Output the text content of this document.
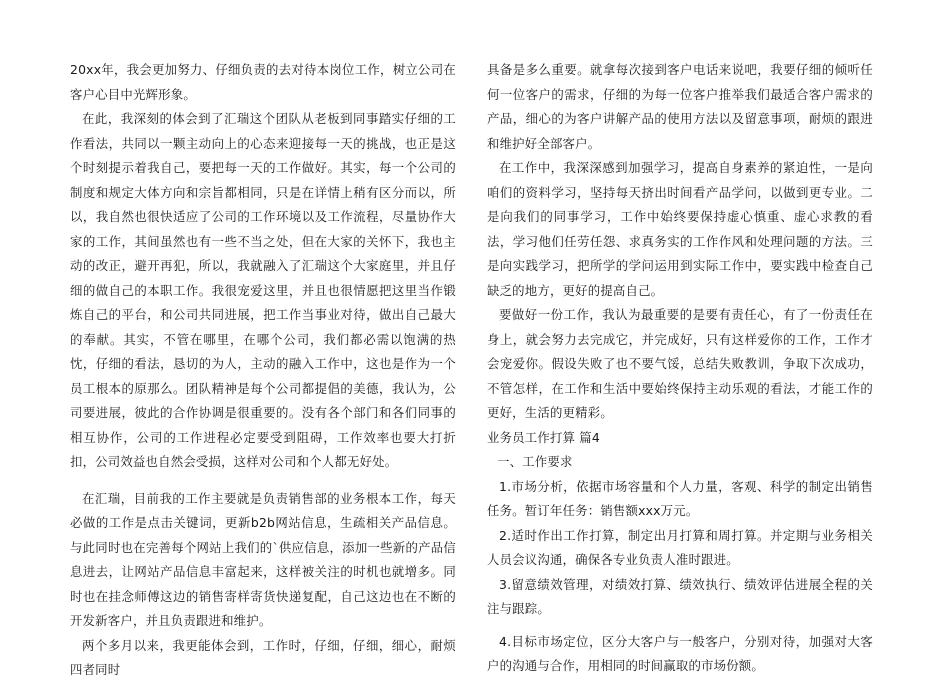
20xx年，我会更加努力、仔细负责的去对待本岗位工作，树立公司在客户心目中光辉形象。

在此，我深刻的体会到了汇瑞这个团队从老板到同事踏实仔细的工作看法，共同以一颗主动向上的心态来迎接每一天的挑战，也正是这个时刻提示着我自己，要把每一天的工作做好。其实，每一个公司的制度和规定大体方向和宗旨都相同，只是在详情上稍有区分而以，所以，我自然也很快适应了公司的工作环境以及工作流程，尽量协作大家的工作，其间虽然也有一些不当之处，但在大家的关怀下，我也主动的改正，避开再犯，所以，我就融入了汇瑞这个大家庭里，并且仔细的做自己的本职工作。我很宠爱这里，并且也很情愿把这里当作锻炼自己的平台，和公司共同进展，把工作当事业对待，做出自己最大的奉献。其实，不管在哪里，在哪个公司，我们都必需以饱满的热忱，仔细的看法，恳切的为人，主动的融入工作中，这也是作为一个员工根本的原那么。团队精神是每个公司都提倡的美德，我认为，公司要进展，彼此的合作协调是很重要的。没有各个部门和各们同事的相互协作，公司的工作进程必定要受到阻碍，工作效率也要大打折扣，公司效益也自然会受损，这样对公司和个人都无好处。

在汇瑞，目前我的工作主要就是负责销售部的业务根本工作，每天必做的工作是点击关键词，更新b2b网站信息，生疏相关产品信息。与此同时也在完善每个网站上我们的`供应信息，添加一些新的产品信息进去，让网站产品信息丰富起来，这样被关注的时机也就增多。同时也在挂念师傅这边的销售寄样寄货快递复配，自己这边也在不断的开发新客户，并且负责跟进和维护。

两个多月以来，我更能体会到，工作时，仔细，仔细，细心，耐烦四者同时

具备是多么重要。就拿每次接到客户电话来说吧，我要仔细的倾听任何一位客户的需求，仔细的为每一位客户推举我们最适合客户需求的产品，细心的为客户讲解产品的使用方法以及留意事项，耐烦的跟进和维护好全部客户。

在工作中，我深深感到加强学习，提高自身素养的紧迫性，一是向咱们的资料学习，坚持每天挤出时间看产品学问，以做到更专业。二是向我们的同事学习，工作中始终要保持虚心慎重、虚心求教的看法，学习他们任劳任怨、求真务实的工作作风和处理问题的方法。三是向实践学习，把所学的学问运用到实际工作中，要实践中检查自己缺乏的地方，更好的提高自己。

要做好一份工作，我认为最重要的是要有责任心，有了一份责任在身上，就会努力去完成它，并完成好，只有这样爱你的工作，工作才会宠爱你。假设失败了也不要气馁，总结失败教训，争取下次成功，不管怎样，在工作和生活中要始终保持主动乐观的看法，才能工作的更好，生活的更精彩。

业务员工作打算 篇4

一、工作要求

1.市场分析，依据市场容量和个人力量，客观、科学的制定出销售任务。暂订年任务：销售额xxx万元。

2.适时作出工作打算，制定出月打算和周打算。并定期与业务相关人员会议沟通，确保各专业负责人准时跟进。

3.留意绩效管理，对绩效打算、绩效执行、绩效评估进展全程的关注与跟踪。

4.目标市场定位，区分大客户与一般客户，分别对待，加强对大客户的沟通与合作，用相同的时间赢取的市场份额。
